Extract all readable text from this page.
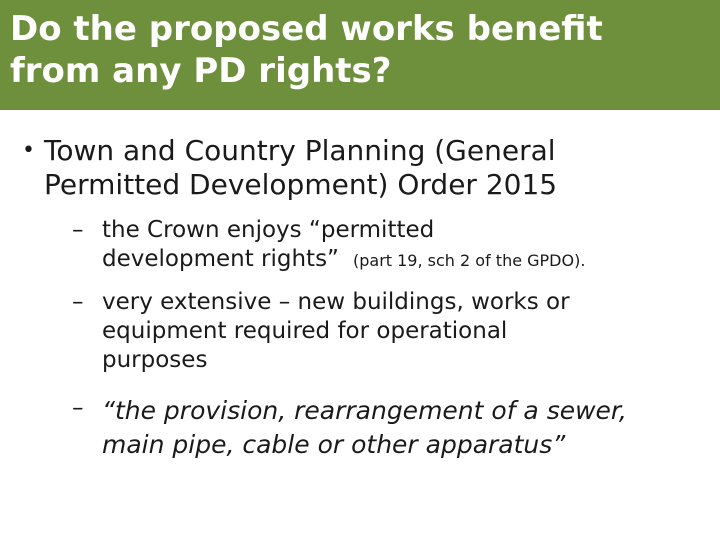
Do the proposed works benefit
from any PD rights?
• Town and Country Planning (General
Permitted Development) Order 2015
– the Crown enjoys “permitted
development rights” (part 19, sch 2 of the GPDO).
– very extensive – new buildings, works or
equipment required for operational
purposes
– “the provision, rearrangement of a sewer,
main pipe, cable or other apparatus”
